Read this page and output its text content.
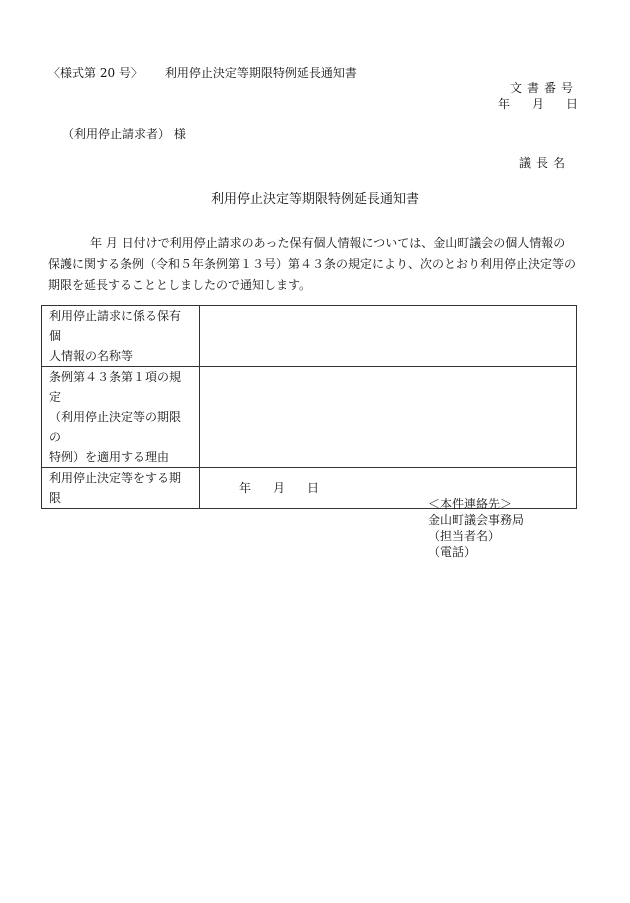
〈様式第 20 号〉 利用停止決定等期限特例延長通知書
文書番号
年 月 日
（利用停止請求者） 様
議長名
利用停止決定等期限特例延長通知書

年 月 日付けで利用停止請求のあった保有個人情報については、金山町議会の個人情報の

保護に関する条例（令和５年条例第１３号）第４３条の規定により、次のとおり利用停止決定等の

期限を延長することとしましたので通知します。

利用停止請求に係る保有個
人情報の名称等	

条例第４３条第１項の規定
（利用停止決定等の期限の
特例）を適用する理由	

利用停止決定等をする期限	年 月 日
＜本件連絡先＞
金山町議会事務局
（担当者名）
（電話）
